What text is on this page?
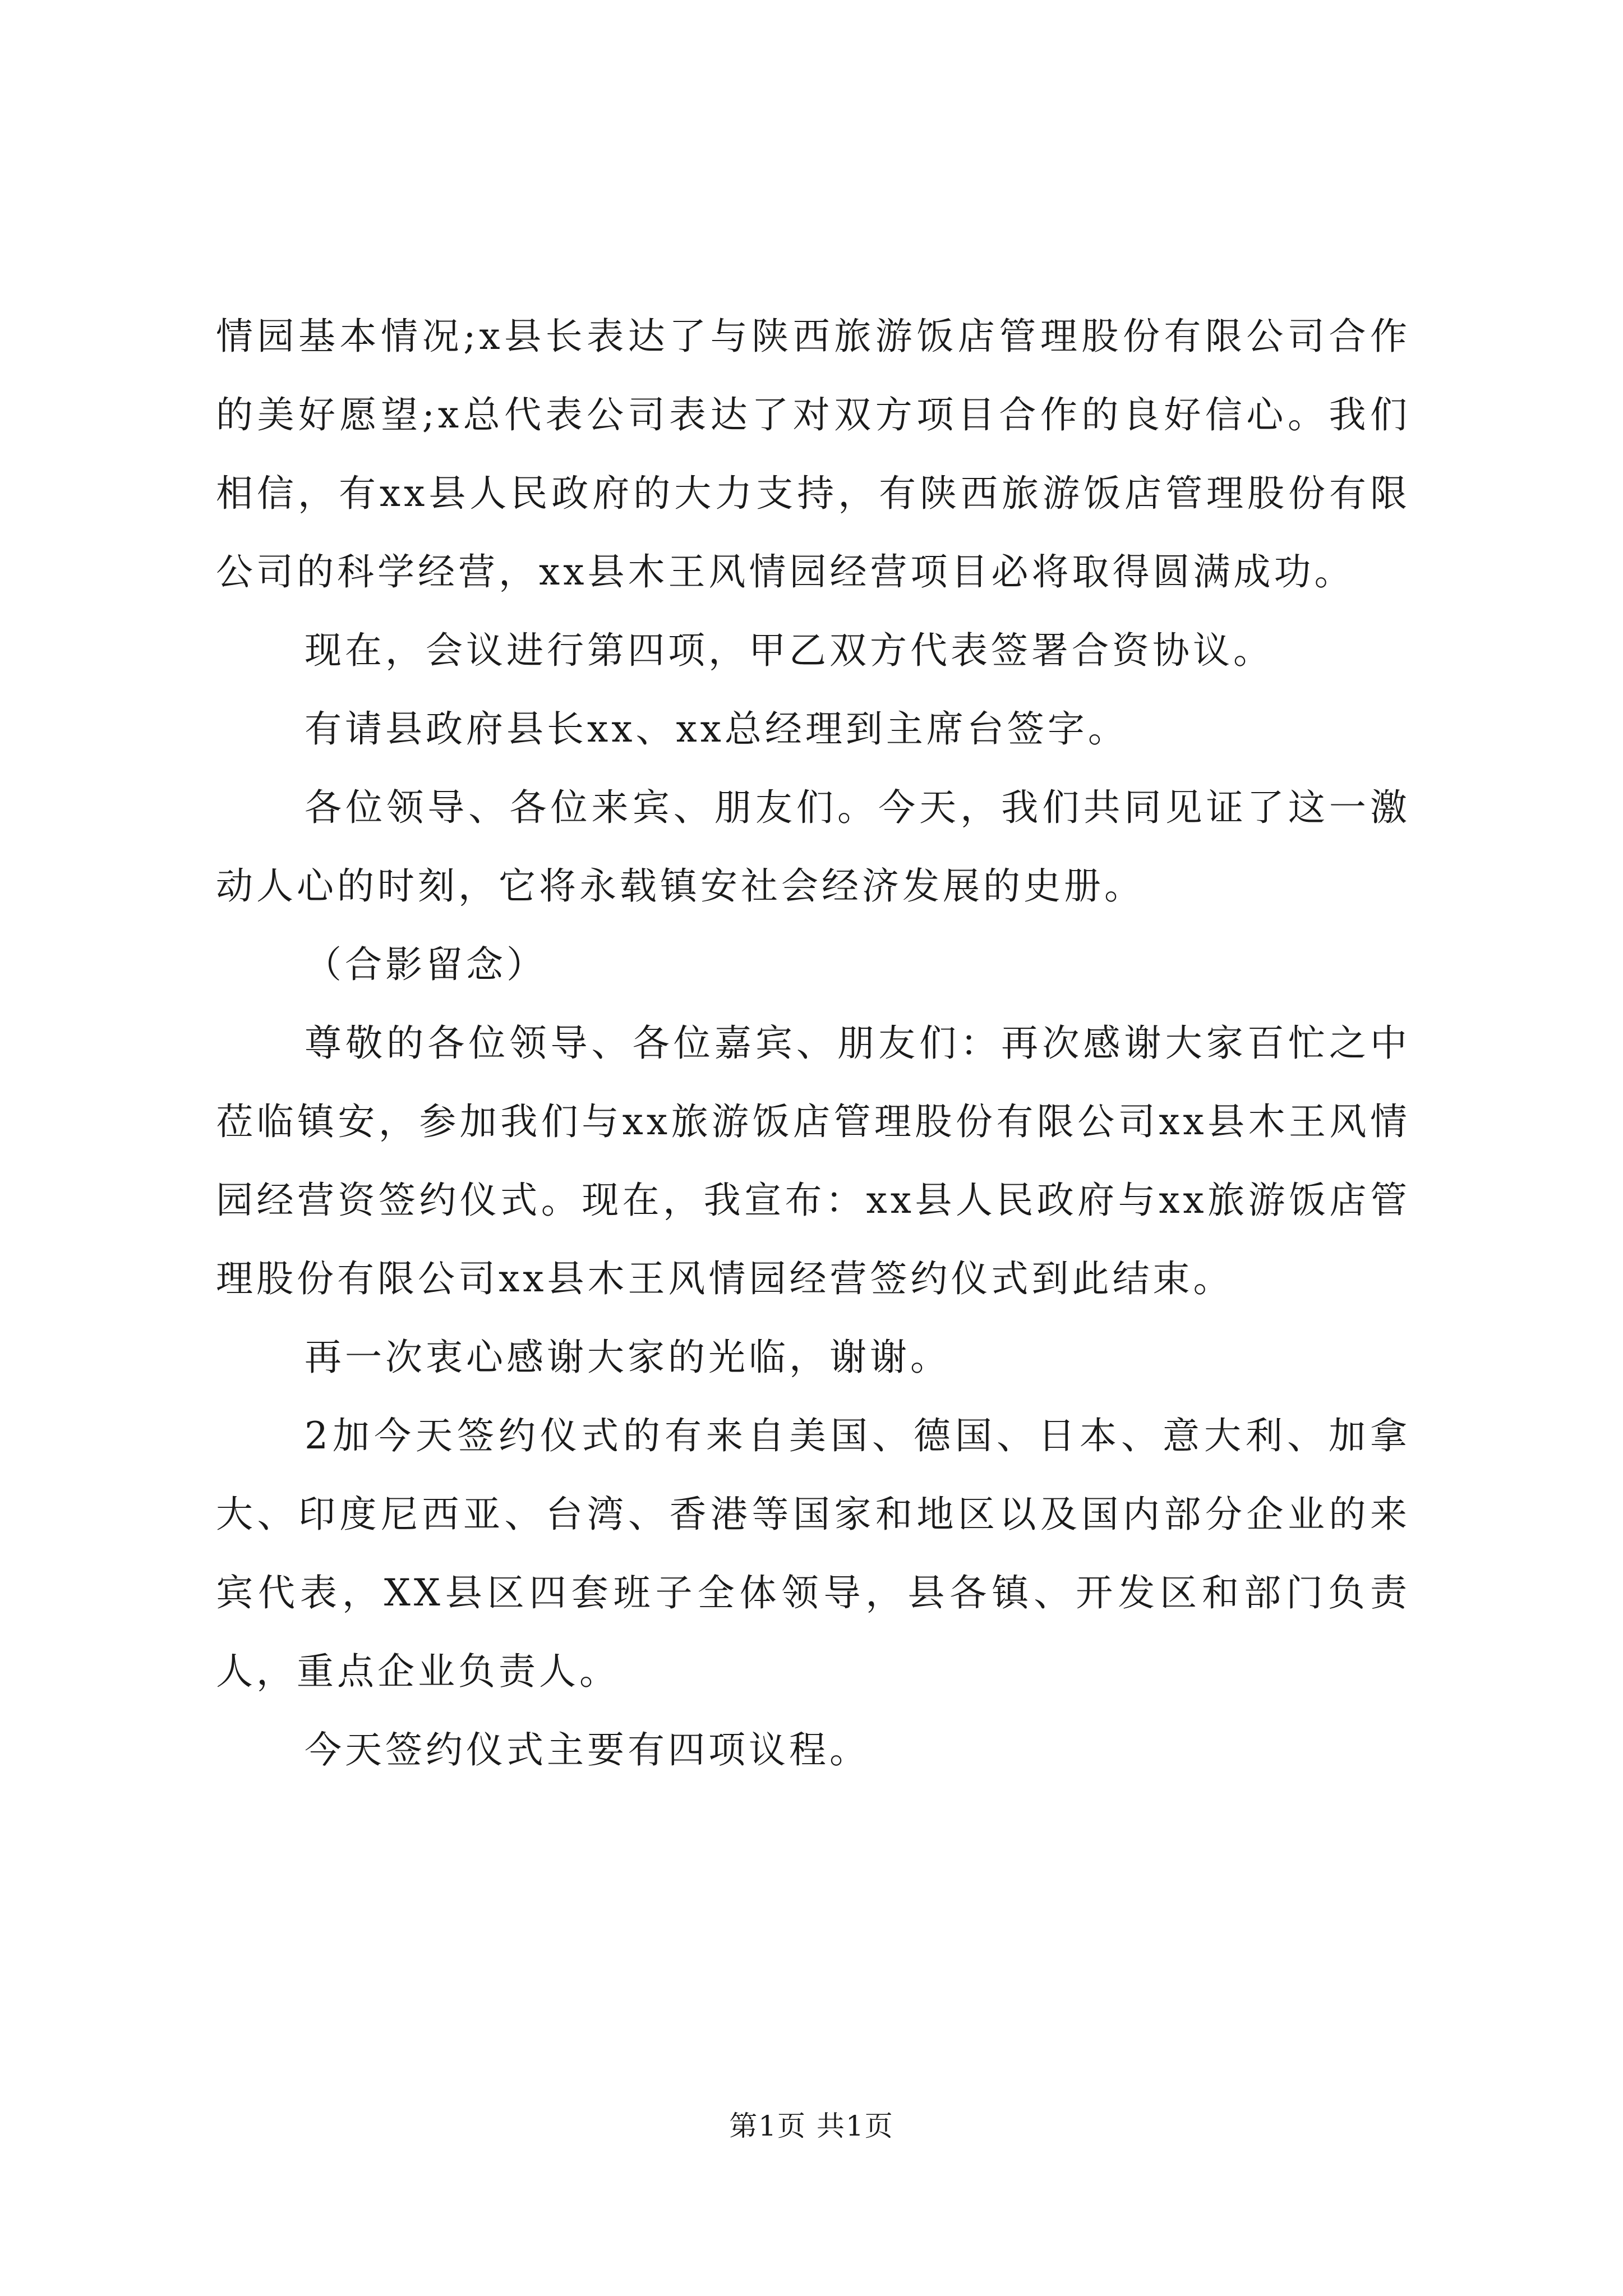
情园基本情况;x县长表达了与陕西旅游饭店管理股份有限公司合作的美好愿望;x总代表公司表达了对双方项目合作的良好信心。我们相信，有xx县人民政府的大力支持，有陕西旅游饭店管理股份有限公司的科学经营，xx县木王风情园经营项目必将取得圆满成功。

现在，会议进行第四项，甲乙双方代表签署合资协议。

有请县政府县长xx、xx总经理到主席台签字。

各位领导、各位来宾、朋友们。今天，我们共同见证了这一激动人心的时刻，它将永载镇安社会经济发展的史册。

（合影留念）

尊敬的各位领导、各位嘉宾、朋友们：再次感谢大家百忙之中莅临镇安，参加我们与xx旅游饭店管理股份有限公司xx县木王风情园经营资签约仪式。现在，我宣布：xx县人民政府与xx旅游饭店管理股份有限公司xx县木王风情园经营签约仪式到此结束。

再一次衷心感谢大家的光临，谢谢。

2加今天签约仪式的有来自美国、德国、日本、意大利、加拿大、印度尼西亚、台湾、香港等国家和地区以及国内部分企业的来宾代表，XX县区四套班子全体领导，县各镇、开发区和部门负责人，重点企业负责人。

今天签约仪式主要有四项议程。

第1页 共1页
